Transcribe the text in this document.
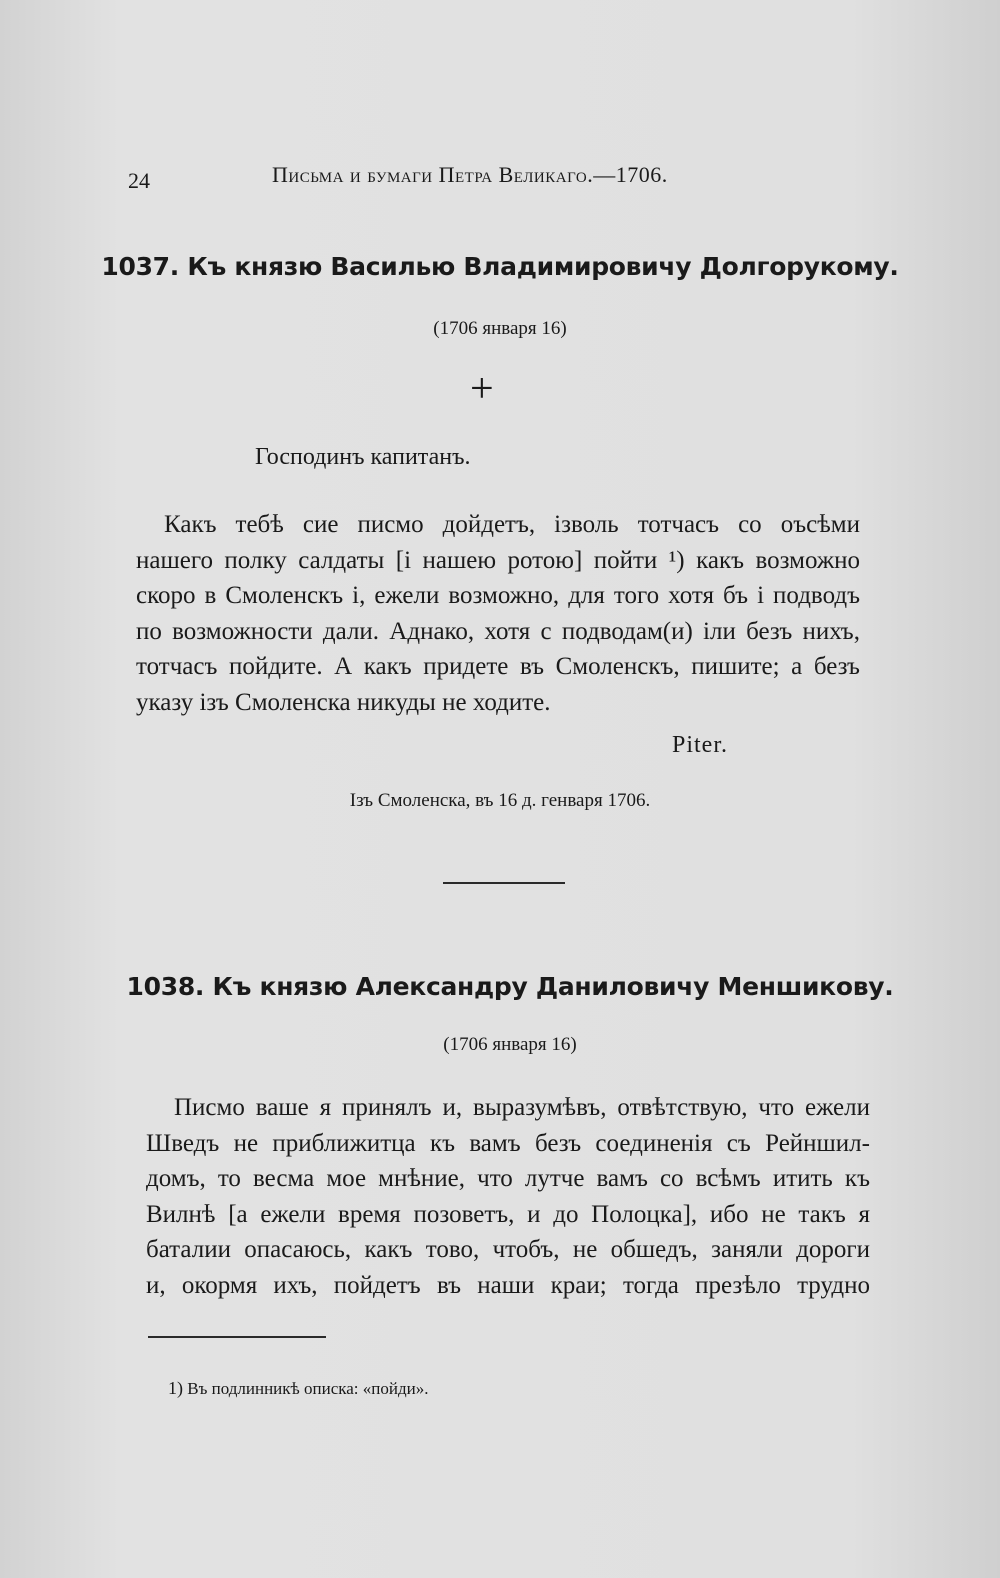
24	Письма и бумаги Петра Великаго.—1706.
1037. Къ князю Василью Владимировичу Долгорукому.
(1706 января 16)
+
Господинъ капитанъ.
Какъ тебѣ сие писмо дойдетъ, ізволь тотчасъ со оъсѣми
нашего полку салдаты [і нашею ротою] пойти ¹) какъ возможно
скоро в Смоленскъ і, ежели возможно, для того хотя бъ і подводъ
по возможности дали. Аднако, хотя с подводам(и) іли безъ нихъ,
тотчасъ пойдите. А какъ придете въ Смоленскъ, пишите; а безъ
указу ізъ Смоленска никуды не ходите.
Piter.
Ізъ Смоленска, въ 16 д. генваря 1706.
1038. Къ князю Александру Даниловичу Меншикову.
(1706 января 16)
Писмо ваше я принялъ и, выразумѣвъ, отвѣтствую, что ежели
Шведъ не приближитца къ вамъ безъ соединенія съ Рейншил-
домъ, то весма мое мнѣние, что лутче вамъ со всѣмъ итить къ
Вилнѣ [а ежели время позоветъ, и до Полоцка], ибо не такъ я
баталии опасаюсь, какъ тово, чтобъ, не обшедъ, заняли дороги
и, окормя ихъ, пойдетъ въ наши краи; тогда презѣло трудно
1) Въ подлинникѣ описка: «пойди».
